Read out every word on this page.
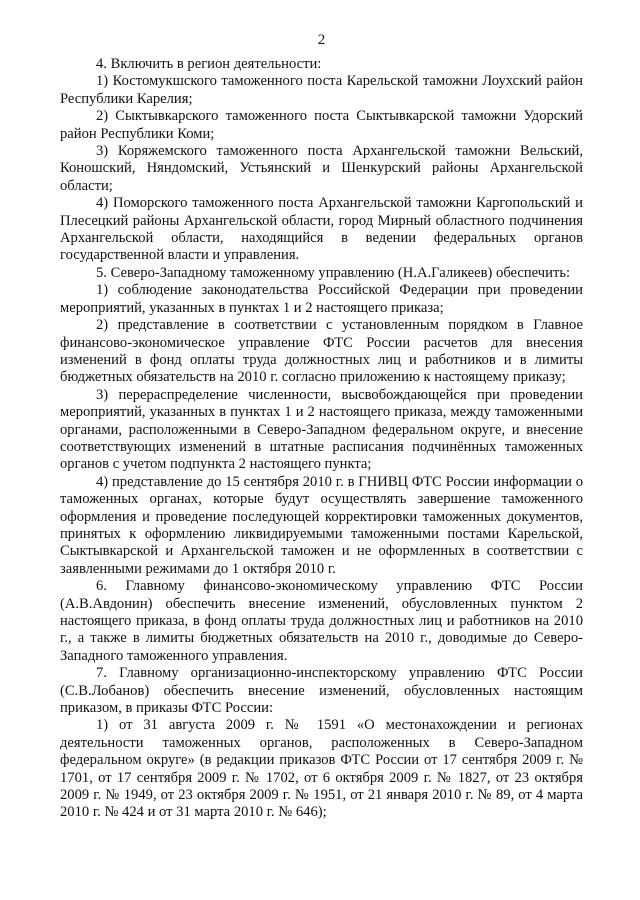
2

4. Включить в регион деятельности:

1) Костомукшского таможенного поста Карельской таможни Лоухский район Республики Карелия;

2) Сыктывкарского таможенного поста Сыктывкарской таможни Удорский район Республики Коми;

3) Коряжемского таможенного поста Архангельской таможни Вельский, Коношский, Няндомский, Устьянский и Шенкурский районы Архангельской области;

4) Поморского таможенного поста Архангельской таможни Каргопольский и Плесецкий районы Архангельской области, город Мирный областного подчинения Архангельской области, находящийся в ведении федеральных органов государственной власти и управления.

5. Северо-Западному таможенному управлению (Н.А.Галикеев) обеспечить:

1) соблюдение законодательства Российской Федерации при проведении мероприятий, указанных в пунктах 1 и 2 настоящего приказа;

2) представление в соответствии с установленным порядком в Главное финансово-экономическое управление ФТС России расчетов для внесения изменений в фонд оплаты труда должностных лиц и работников и в лимиты бюджетных обязательств на 2010 г. согласно приложению к настоящему приказу;

3) перераспределение численности, высвобождающейся при проведении мероприятий, указанных в пунктах 1 и 2 настоящего приказа, между таможенными органами, расположенными в Северо-Западном федеральном округе, и внесение соответствующих изменений в штатные расписания подчинённых таможенных органов с учетом подпункта 2 настоящего пункта;

4) представление до 15 сентября 2010 г. в ГНИВЦ ФТС России информации о таможенных органах, которые будут осуществлять завершение таможенного оформления и проведение последующей корректировки таможенных документов, принятых к оформлению ликвидируемыми таможенными постами Карельской, Сыктывкарской и Архангельской таможен и не оформленных в соответствии с заявленными режимами до 1 октября 2010 г.

6. Главному финансово-экономическому управлению ФТС России (А.В.Авдонин) обеспечить внесение изменений, обусловленных пунктом 2 настоящего приказа, в фонд оплаты труда должностных лиц и работников на 2010 г., а также в лимиты бюджетных обязательств на 2010 г., доводимые до Северо-Западного таможенного управления.

7. Главному организационно-инспекторскому управлению ФТС России (С.В.Лобанов) обеспечить внесение изменений, обусловленных настоящим приказом, в приказы ФТС России:

1) от 31 августа 2009 г. № 1591 «О местонахождении и регионах деятельности таможенных органов, расположенных в Северо-Западном федеральном округе» (в редакции приказов ФТС России от 17 сентября 2009 г. № 1701, от 17 сентября 2009 г. № 1702, от 6 октября 2009 г. № 1827, от 23 октября 2009 г. № 1949, от 23 октября 2009 г. № 1951, от 21 января 2010 г. № 89, от 4 марта 2010 г. № 424 и от 31 марта 2010 г. № 646);
